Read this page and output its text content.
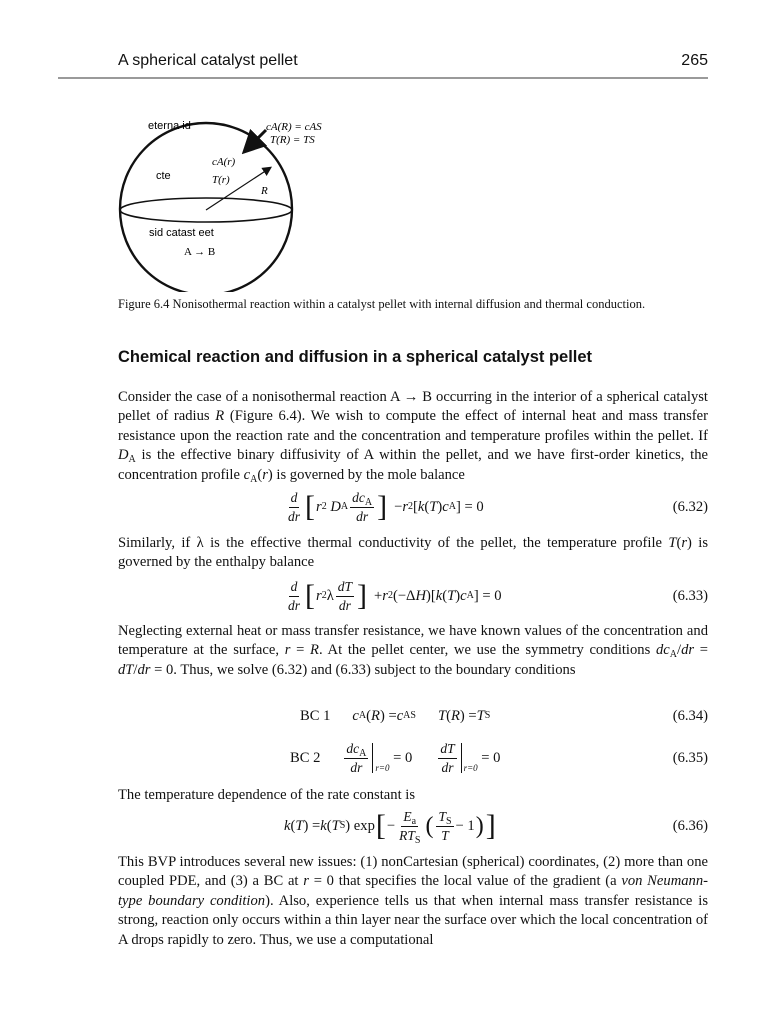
A spherical catalyst pellet	265
eterna id
cte
sid catast eet
A → B
cA(R) = cAS
T(R) = TS
cA(r)
T(r)
R
Figure 6.4 Nonisothermal reaction within a catalyst pellet with internal diffusion and thermal conduction.
Chemical reaction and diffusion in a spherical catalyst pellet

Consider the case of a nonisothermal reaction A → B occurring in the interior of a spherical catalyst pellet of radius R (Figure 6.4). We wish to compute the effect of internal heat and mass transfer resistance upon the reaction rate and the concentration and temperature profiles within the pellet. If $D_A$ is the effective binary diffusivity of A within the pellet, and we have first-order kinetics, the concentration profile $c_A(r)$ is governed by the mole balance

$\frac{d}{dr}$ [ r 2
D A $\frac{dc_A}{dr}$ ] − r 2 [ k ( T ) c A ] = 0	(6.32)

Similarly, if λ is the effective thermal conductivity of the pellet, the temperature profile T(r) is governed by the enthalpy balance

$\frac{d}{dr}$ [ r 2 λ $\frac{dT}{dr}$ ] + r 2 (−Δ H )[ k ( T ) c A ] = 0	(6.33)

Neglecting external heat or mass transfer resistance, we have known values of the concentration and temperature at the surface, r = R. At the pellet center, we use the symmetry conditions $dc_A/dr = dT/dr = 0$. Thus, we solve (6.32) and (6.33) subject to the boundary conditions

BC 1 c A ( R ) = c AS T ( R ) = T S	(6.34)
BC $2 \frac{dc_A}{dr} r=0$
= $0 \frac{dT}{dr} r=0$
= 0	(6.35)

The temperature dependence of the rate constant is

k ( T ) = k ( T S ) exp [ − $\frac{E_a}{RT_S}$ ( $\frac{T_S}{T} - 1$ ) ]	(6.36)

This BVP introduces several new issues: (1) nonCartesian (spherical) coordinates, (2) more than one coupled PDE, and (3) a BC at r = 0 that specifies the local value of the gradient (a von Neumann-type boundary condition). Also, experience tells us that when internal mass transfer resistance is strong, reaction only occurs within a thin layer near the surface over which the local concentration of A drops rapidly to zero. Thus, we use a computational
